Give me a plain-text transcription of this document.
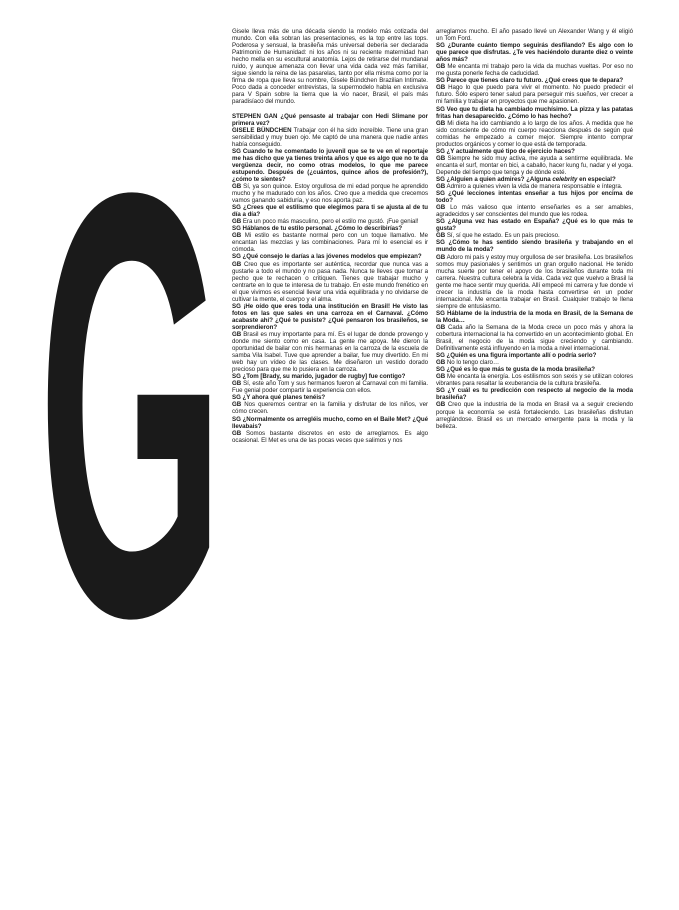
G

Gisele lleva más de una década siendo la modelo más cotizada del mundo. Con ella sobran las presentaciones, es la top entre las tops. Poderosa y sensual, la brasileña más universal debería ser declarada Patrimonio de Humanidad: ni los años ni su reciente maternidad han hecho mella en su escultural anatomía. Lejos de retirarse del mundanal ruido, y aunque amenaza con llevar una vida cada vez más familiar, sigue siendo la reina de las pasarelas, tanto por ella misma como por la firma de ropa que lleva su nombre, Gisele Bündchen Brazilian Intimate. Poco dada a conceder entrevistas, la supermodelo habla en exclusiva para V Spain sobre la tierra que la vio nacer, Brasil, el país más paradisíaco del mundo.

STEPHEN GAN ¿Qué pensaste al trabajar con Hedi Slimane por primera vez?

GISELE BÜNDCHEN Trabajar con él ha sido increíble. Tiene una gran sensibilidad y muy buen ojo. Me captó de una manera que nadie antes había conseguido.

SG Cuando te he comentado lo juvenil que se te ve en el reportaje me has dicho que ya tienes treinta años y que es algo que no te da vergüenza decir, no como otras modelos, lo que me parece estupendo. Después de (¿cuántos, quince años de profesión?), ¿cómo te sientes?

GB Sí, ya son quince. Estoy orgullosa de mi edad porque he aprendido mucho y he madurado con los años. Creo que a medida que crecemos vamos ganando sabiduría, y eso nos aporta paz.

SG ¿Crees que el estilismo que elegimos para ti se ajusta al de tu día a día?

GB Era un poco más masculino, pero el estilo me gustó. ¡Fue genial!

SG Háblanos de tu estilo personal. ¿Cómo lo describirías?

GB Mi estilo es bastante normal pero con un toque llamativo. Me encantan las mezclas y las combinaciones. Para mí lo esencial es ir cómoda.

SG ¿Qué consejo le darías a las jóvenes modelos que empiezan?

GB Creo que es importante ser auténtica, recordar que nunca vas a gustarle a todo el mundo y no pasa nada. Nunca te lleves que tomar a pecho que te rechacen o critiquen. Tienes que trabajar mucho y centrarte en lo que te interesa de tu trabajo. En este mundo frenético en el que vivimos es esencial llevar una vida equilibrada y no olvidarse de cultivar la mente, el cuerpo y el alma.

SG ¡He oído que eres toda una institución en Brasil! He visto las fotos en las que sales en una carroza en el Carnaval. ¿Cómo acabaste ahí? ¿Qué te pusiste? ¿Qué pensaron los brasileños, se sorprendieron?

GB Brasil es muy importante para mí. Es el lugar de donde provengo y donde me siento como en casa. La gente me apoya. Me dieron la oportunidad de bailar con mis hermanas en la carroza de la escuela de samba Vila Isabel. Tuve que aprender a bailar, fue muy divertido. En mi web hay un vídeo de las clases. Me diseñaron un vestido dorado precioso para que me lo pusiera en la carroza.

SG ¿Tom [Brady, su marido, jugador de rugby] fue contigo?

GB Sí, este año Tom y sus hermanos fueron al Carnaval con mi familia. Fue genial poder compartir la experiencia con ellos.

SG ¿Y ahora qué planes tenéis?

GB Nos queremos centrar en la familia y disfrutar de los niños, ver cómo crecen.

SG ¿Normalmente os arregléis mucho, como en el Baile Met? ¿Qué llevabais?

GB Somos bastante discretos en esto de arreglarnos. Es algo ocasional. El Met es una de las pocas veces que salimos y nos

arreglamos mucho. El año pasado llevé un Alexander Wang y él eligió un Tom Ford.

SG ¿Durante cuánto tiempo seguirás desfilando? Es algo con lo que parece que disfrutas. ¿Te ves haciéndolo durante diez o veinte años más?

GB Me encanta mi trabajo pero la vida da muchas vueltas. Por eso no me gusta ponerle fecha de caducidad.

SG Parece que tienes claro tu futuro. ¿Qué crees que te depara?

GB Hago lo que puedo para vivir el momento. No puedo predecir el futuro. Sólo espero tener salud para perseguir mis sueños, ver crecer a mi familia y trabajar en proyectos que me apasionen.

SG Veo que tu dieta ha cambiado muchísimo. La pizza y las patatas fritas han desaparecido. ¿Cómo lo has hecho?

GB Mi dieta ha ido cambiando a lo largo de los años. A medida que he sido consciente de cómo mi cuerpo reacciona después de según qué comidas he empezado a comer mejor. Siempre intento comprar productos orgánicos y comer lo que está de temporada.

SG ¿Y actualmente qué tipo de ejercicio haces?

GB Siempre he sido muy activa, me ayuda a sentirme equilibrada. Me encanta el surf, montar en bici, a caballo, hacer kung fu, nadar y el yoga. Depende del tiempo que tenga y de dónde esté.

SG ¿Alguien a quien admires? ¿Alguna celebrity en especial?

GB Admiro a quienes viven la vida de manera responsable e íntegra.

SG ¿Qué lecciones intentas enseñar a tus hijos por encima de todo?

GB Lo más valioso que intento enseñarles es a ser amables, agradecidos y ser conscientes del mundo que les rodea.

SG ¿Alguna vez has estado en España? ¿Qué es lo que más te gusta?

GB Sí, sí que he estado. Es un país precioso.

SG ¿Cómo te has sentido siendo brasileña y trabajando en el mundo de la moda?

GB Adoro mi país y estoy muy orgullosa de ser brasileña. Los brasileños somos muy pasionales y sentimos un gran orgullo nacional. He tenido mucha suerte por tener el apoyo de los brasileños durante toda mi carrera. Nuestra cultura celebra la vida. Cada vez que vuelvo a Brasil la gente me hace sentir muy querida. Allí empecé mi carrera y fue donde vi crecer la industria de la moda hasta convertirse en un poder internacional. Me encanta trabajar en Brasil. Cualquier trabajo te llena siempre de entusiasmo.

SG Háblame de la industria de la moda en Brasil, de la Semana de la Moda…

GB Cada año la Semana de la Moda crece un poco más y ahora la cobertura internacional la ha convertido en un acontecimiento global. En Brasil, el negocio de la moda sigue creciendo y cambiando. Definitivamente está influyendo en la moda a nivel internacional.

SG ¿Quién es una figura importante allí o podría serlo?

GB No lo tengo claro…

SG ¿Qué es lo que más te gusta de la moda brasileña?

GB Me encanta la energía. Los estilismos son sexis y se utilizan colores vibrantes para resaltar la exuberancia de la cultura brasileña.

SG ¿Y cuál es tu predicción con respecto al negocio de la moda brasileña?

GB Creo que la industria de la moda en Brasil va a seguir creciendo porque la economía se está fortaleciendo. Las brasileñas disfrutan arreglándose. Brasil es un mercado emergente para la moda y la belleza.
